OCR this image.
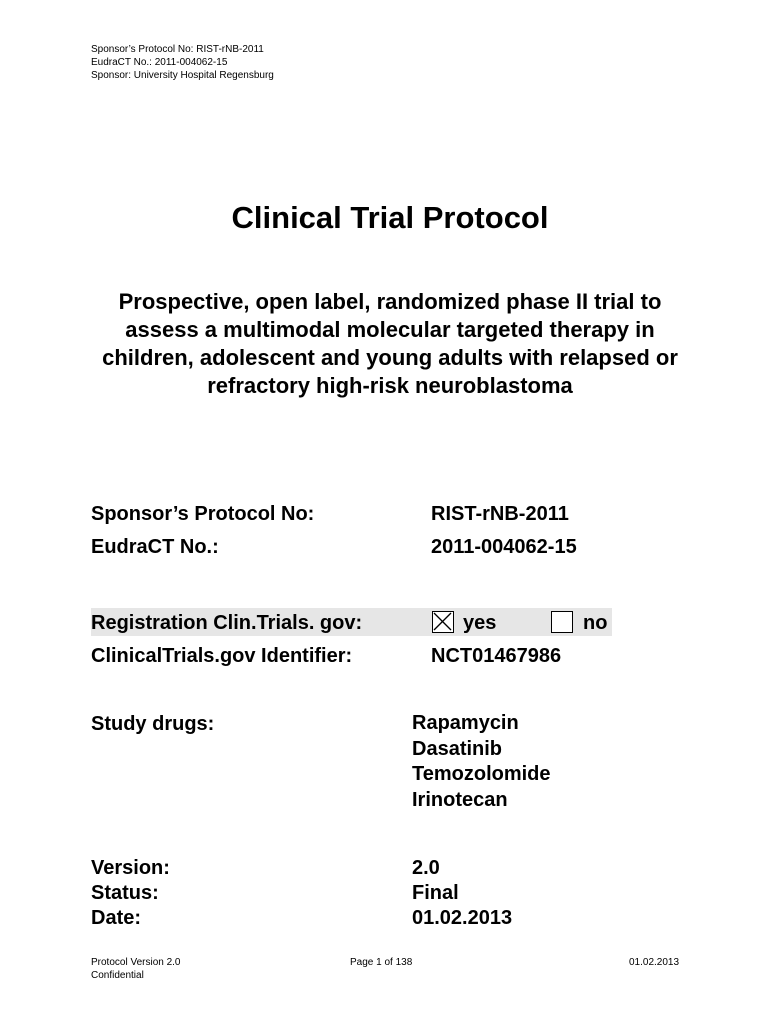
Sponsor’s Protocol No: RIST-rNB-2011
EudraCT No.: 2011-004062-15
Sponsor: University Hospital Regensburg
Clinical Trial Protocol
Prospective, open label, randomized phase II trial to assess a multimodal molecular targeted therapy in children, adolescent and young adults with relapsed or refractory high-risk neuroblastoma
Sponsor’s Protocol No:	RIST-rNB-2011
EudraCT No.:	2011-004062-15
Registration Clin.Trials. gov:	yes	no
ClinicalTrials.gov Identifier:	NCT01467986
Study drugs:	Rapamycin
Dasatinib
Temozolomide
Irinotecan
Version:	2.0
Status:	Final
Date:	01.02.2013
Protocol Version 2.0
Confidential
Page 1 of 138	01.02.2013
